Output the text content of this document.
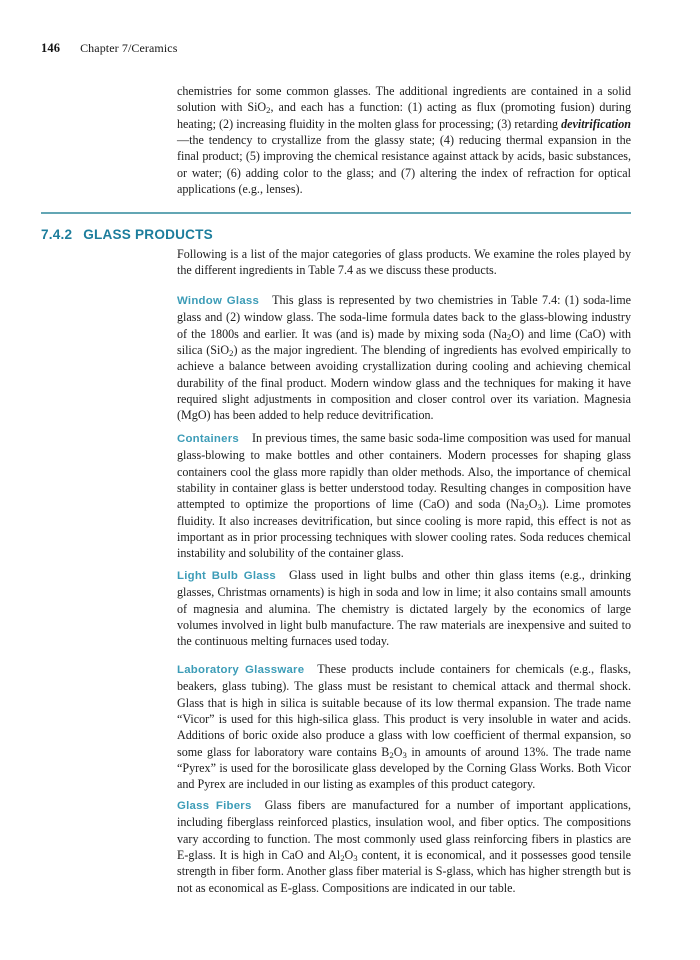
146 Chapter 7/Ceramics

chemistries for some common glasses. The additional ingredients are contained in a solid solution with SiO$_2$, and each has a function: (1) acting as flux (promoting fusion) during heating; (2) increasing fluidity in the molten glass for processing; (3) retarding devitrification—the tendency to crystallize from the glassy state; (4) reducing thermal expansion in the final product; (5) improving the chemical resistance against attack by acids, basic substances, or water; (6) adding color to the glass; and (7) altering the index of refraction for optical applications (e.g., lenses).

7.4.2 GLASS PRODUCTS

Following is a list of the major categories of glass products. We examine the roles played by the different ingredients in Table 7.4 as we discuss these products.

Window Glass This glass is represented by two chemistries in Table 7.4: (1) soda-lime glass and (2) window glass. The soda-lime formula dates back to the glass-blowing industry of the 1800s and earlier. It was (and is) made by mixing soda $(Na_2O)$ and lime (CaO) with silica (SiO$_2$) as the major ingredient. The blending of ingredients has evolved empirically to achieve a balance between avoiding crystallization during cooling and achieving chemical durability of the final product. Modern window glass and the techniques for making it have required slight adjustments in composition and closer control over its variation. Magnesia (MgO) has been added to help reduce devitrification.

Containers In previous times, the same basic soda-lime composition was used for manual glass-blowing to make bottles and other containers. Modern processes for shaping glass containers cool the glass more rapidly than older methods. Also, the importance of chemical stability in container glass is better understood today. Resulting changes in composition have attempted to optimize the proportions of lime (CaO) and soda $(Na_2O_3)$. Lime promotes fluidity. It also increases devitrification, but since cooling is more rapid, this effect is not as important as in prior processing techniques with slower cooling rates. Soda reduces chemical instability and solubility of the container glass.

Light Bulb Glass Glass used in light bulbs and other thin glass items (e.g., drinking glasses, Christmas ornaments) is high in soda and low in lime; it also contains small amounts of magnesia and alumina. The chemistry is dictated largely by the economics of large volumes involved in light bulb manufacture. The raw materials are inexpensive and suited to the continuous melting furnaces used today.

Laboratory Glassware These products include containers for chemicals (e.g., flasks, beakers, glass tubing). The glass must be resistant to chemical attack and thermal shock. Glass that is high in silica is suitable because of its low thermal expansion. The trade name “Vicor” is used for this high-silica glass. This product is very insoluble in water and acids. Additions of boric oxide also produce a glass with low coefficient of thermal expansion, so some glass for laboratory ware contains $B_2O_3$ in amounts of around 13%. The trade name “Pyrex” is used for the borosilicate glass developed by the Corning Glass Works. Both Vicor and Pyrex are included in our listing as examples of this product category.

Glass Fibers Glass fibers are manufactured for a number of important applications, including fiberglass reinforced plastics, insulation wool, and fiber optics. The compositions vary according to function. The most commonly used glass reinforcing fibers in plastics are E-glass. It is high in CaO and $Al_2O_3$ content, it is economical, and it possesses good tensile strength in fiber form. Another glass fiber material is S-glass, which has higher strength but is not as economical as E-glass. Compositions are indicated in our table.
